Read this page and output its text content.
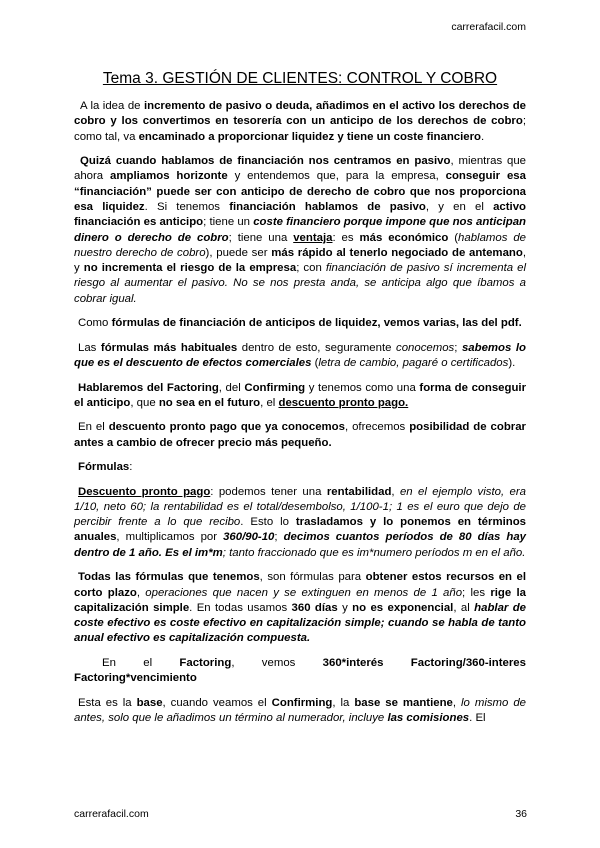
carrerafacil.com
Tema 3. GESTIÓN DE CLIENTES: CONTROL Y COBRO

A la idea de incremento de pasivo o deuda, añadimos en el activo los derechos de cobro y los convertimos en tesorería con un anticipo de los derechos de cobro; como tal, va encaminado a proporcionar liquidez y tiene un coste financiero.

Quizá cuando hablamos de financiación nos centramos en pasivo, mientras que ahora ampliamos horizonte y entendemos que, para la empresa, conseguir esa “financiación” puede ser con anticipo de derecho de cobro que nos proporciona esa liquidez. Si tenemos financiación hablamos de pasivo, y en el activo financiación es anticipo; tiene un coste financiero porque impone que nos anticipan dinero o derecho de cobro; tiene una ventaja: es más económico (hablamos de nuestro derecho de cobro), puede ser más rápido al tenerlo negociado de antemano, y no incrementa el riesgo de la empresa; con financiación de pasivo sí incrementa el riesgo al aumentar el pasivo. No se nos presta anda, se anticipa algo que íbamos a cobrar igual.

Como fórmulas de financiación de anticipos de liquidez, vemos varias, las del pdf.

Las fórmulas más habituales dentro de esto, seguramente conocemos; sabemos lo que es el descuento de efectos comerciales (letra de cambio, pagaré o certificados).

Hablaremos del Factoring, del Confirming y tenemos como una forma de conseguir el anticipo, que no sea en el futuro, el descuento pronto pago.

En el descuento pronto pago que ya conocemos, ofrecemos posibilidad de cobrar antes a cambio de ofrecer precio más pequeño.

Fórmulas:

Descuento pronto pago: podemos tener una rentabilidad, en el ejemplo visto, era 1/10, neto 60; la rentabilidad es el total/desembolso, 1/100-1; 1 es el euro que dejo de percibir frente a lo que recibo. Esto lo trasladamos y lo ponemos en términos anuales, multiplicamos por 360/90-10; decimos cuantos períodos de 80 días hay dentro de 1 año. Es el im*m; tanto fraccionado que es im*numero períodos m en el año.

Todas las fórmulas que tenemos, son fórmulas para obtener estos recursos en el corto plazo, operaciones que nacen y se extinguen en menos de 1 año; les rige la capitalización simple. En todas usamos 360 días y no es exponencial, al hablar de coste efectivo es coste efectivo en capitalización simple; cuando se habla de tanto anual efectivo es capitalización compuesta.

En el Factoring, vemos 360*interés Factoring/360-interes Factoring*vencimiento

Esta es la base, cuando veamos el Confirming, la base se mantiene, lo mismo de antes, solo que le añadimos un término al numerador, incluye las comisiones. El

carrerafacil.com	36
